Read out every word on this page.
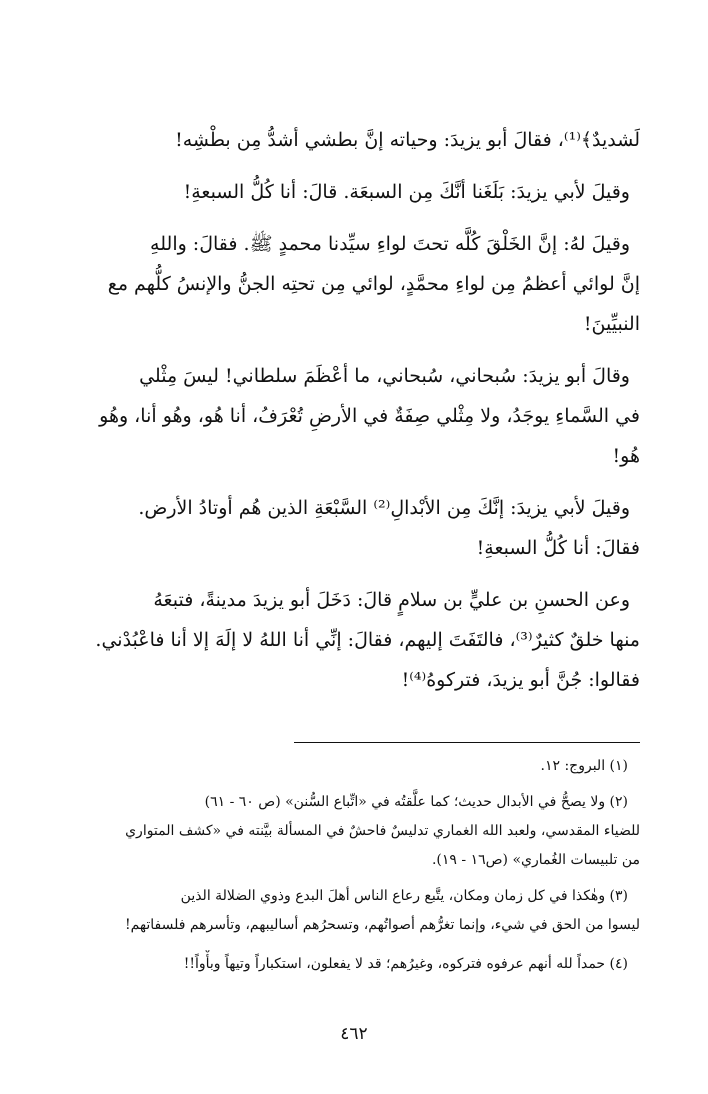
لَشديدٌ﴾⁽¹⁾، فقالَ أبو يزيدَ: وحياته إنَّ بطشي أشدُّ مِن بطْشِه!

وقيلَ لأبي يزيدَ: بَلَغَنا أنَّكَ مِن السبعَة. قالَ: أنا كُلُّ السبعةِ!

وقيلَ لهُ: إنَّ الخَلْقَ كُلَّه تحتَ لواءِ سيِّدنا محمدٍ ﷺ. فقالَ: واللهِ
إنَّ لوائي أعظمُ مِن لواءِ محمَّدٍ، لوائي مِن تحتِه الجنُّ والإنسُ كلُّهم مع
النبيِّينَ!

وقالَ أبو يزيدَ: سُبحاني، سُبحاني، ما أعْظَمَ سلطاني! ليسَ مِثْلي
في السَّماءِ يوجَدُ، ولا مِثْلي صِفَةٌ في الأرضِ تُعْرَفُ، أنا هُو، وهُو أنا، وهُو
هُو!

وقيلَ لأبي يزيدَ: إنَّكَ مِن الأبْدالِ⁽²⁾ السَّبْعَةِ الذين هُم أوتادُ الأرض.
فقالَ: أنا كُلُّ السبعةِ!

وعن الحسنِ بن عليٍّ بن سلامٍ قالَ: دَخَلَ أبو يزيدَ مدينةً، فتبعَهُ
منها خلقٌ كثيرٌ⁽³⁾، فالتَفَتَ إليهم، فقالَ: إنِّي أنا اللهُ لا إلَهَ إلا أنا فاعْبُدْني.
فقالوا: جُنَّ أبو يزيدَ، فتركوهُ⁽⁴⁾!

(١) البروج: ١٢.
(٢) ولا يصحُّ في الأبدال حديث؛ كما علَّقتُه في «اتِّباع السُّنن» (ص ٦٠ - ٦١)
للضياء المقدسي، ولعبد الله الغماري تدليسٌ فاحشٌ في المسألة بيَّنته في «كشف المتواري
من تلبيسات الغُماري» (ص١٦ - ١٩).
(٣) وهٰكذا في كل زمان ومكان، يتَّبع رعاع الناس أهلَ البدع وذوي الضلالة الذين
ليسوا من الحق في شيء، وإنما تغرُّهم أصواتُهم، وتسحرُهم أساليبهم، وتأسرهم فلسفاتهم!
(٤) حمداً لله أنهم عرفوه فتركوه، وغيرُهم؛ قد لا يفعلون، استكباراً وتيهاً وبأْواً!!
٤٦٢
